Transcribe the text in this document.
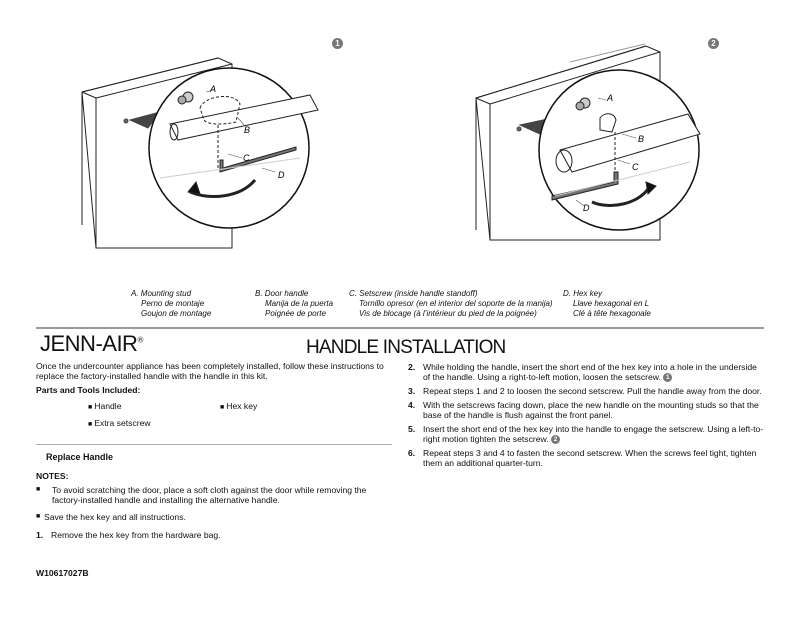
A
B
C
D
A
B
C
D
1	2
A. Mounting stud
Perno de montaje
Goujon de montage
B. Door handle
Manija de la puerta
Poignée de porte
C. Setscrew (inside handle standoff)
Tornillo opresor (en el interior del soporte de la manija)
Vis de blocage (à l’intérieur du pied de la poignée)
D. Hex key
Llave hexagonal en L
Clé à tête hexagonale
JENN-AIR®	HANDLE INSTALLATION

Once the undercounter appliance has been completely installed, follow these instructions to replace the factory-installed handle with the handle in this kit.

Parts and Tools Included:
■ Handle
■	Hex key
■ Extra setscrew
Replace Handle
NOTES:
■	To avoid scratching the door, place a soft cloth against the door while removing the factory-installed handle and installing the alternative handle.
■ Save the hex key and all instructions.
1. Remove the hex key from the hardware bag.
2. While holding the handle, insert the short end of the hex key into a hole in the underside of the handle. Using a right-to-left motion, loosen the setscrew. 1
3. Repeat steps 1 and 2 to loosen the second setscrew. Pull the handle away from the door.
4. With the setscrews facing down, place the new handle on the mounting studs so that the base of the handle is flush against the front panel.
5. Insert the short end of the hex key into the handle to engage the setscrew. Using a left-to-right motion tighten the setscrew. 2
6. Repeat steps 3 and 4 to fasten the second setscrew. When the screws feel tight, tighten them an additional quarter-turn.
W10617027B
